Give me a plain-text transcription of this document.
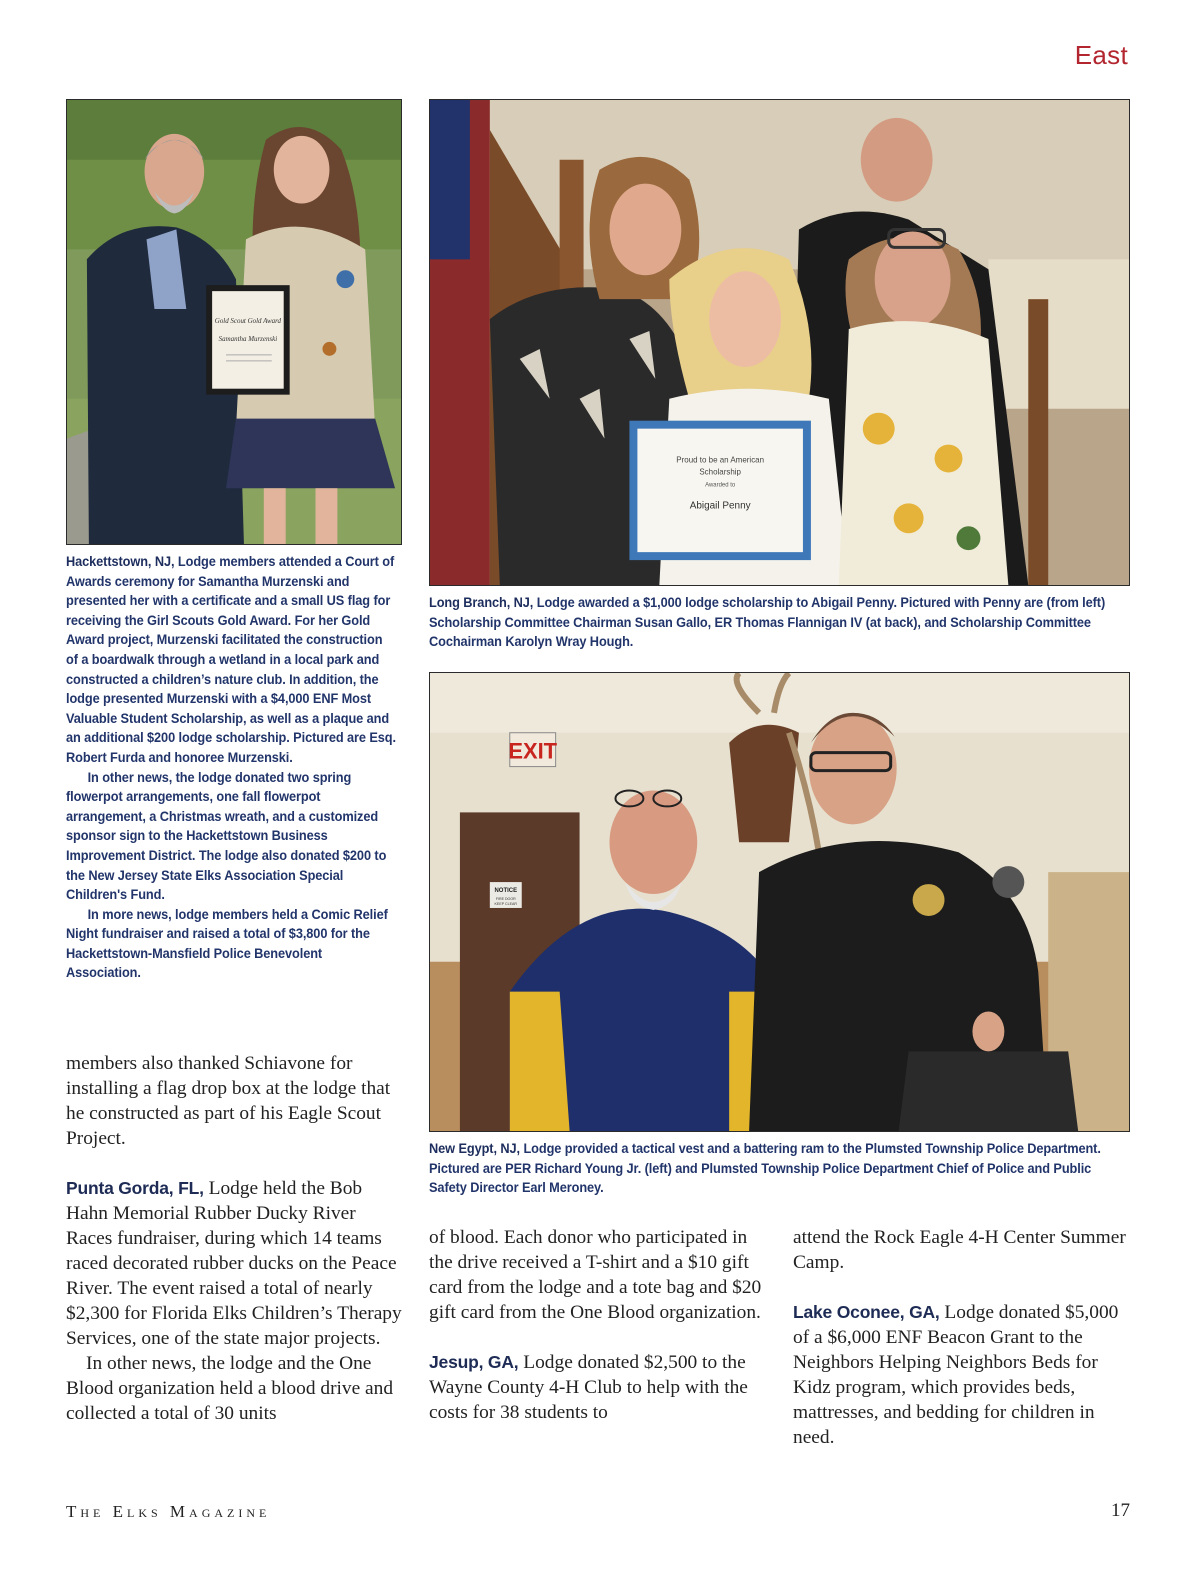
East
Gold Scout Gold Award
Samantha Murzenski

Hackettstown, NJ, Lodge members attended a Court of Awards ceremony for Samantha Murzenski and presented her with a certificate and a small US flag for receiving the Girl Scouts Gold Award. For her Gold Award project, Murzenski facilitated the construction of a boardwalk through a wetland in a local park and constructed a children’s nature club. In addition, the lodge presented Murzenski with a $4,000 ENF Most Valuable Student Scholarship, as well as a plaque and an additional $200 lodge scholarship. Pictured are Esq. Robert Furda and honoree Murzenski.

In other news, the lodge donated two spring flowerpot arrangements, one fall flowerpot arrangement, a Christmas wreath, and a customized sponsor sign to the Hackettstown Business Improvement District. The lodge also donated $200 to the New Jersey State Elks Association Special Children's Fund.

In more news, lodge members held a Comic Relief Night fundraiser and raised a total of $3,800 for the Hackettstown-Mansfield Police Benevolent Association.

Proud to be an American
Scholarship
Awarded to
Abigail Penny

Long Branch, NJ, Lodge awarded a $1,000 lodge scholarship to Abigail Penny. Pictured with Penny are (from left) Scholarship Committee Chairman Susan Gallo, ER Thomas Flannigan IV (at back), and Scholarship Committee Cochairman Karolyn Wray Hough.

NOTICE
FIRE DOOR
KEEP CLEAR
EXIT

New Egypt, NJ, Lodge provided a tactical vest and a battering ram to the Plumsted Township Police Department. Pictured are PER Richard Young Jr. (left) and Plumsted Township Police Department Chief of Police and Public Safety Director Earl Meroney.

members also thanked Schiavone for installing a flag drop box at the lodge that he constructed as part of his Eagle Scout Project.

Punta Gorda, FL, Lodge held the Bob Hahn Memorial Rubber Ducky River Races fundraiser, during which 14 teams raced decorated rubber ducks on the Peace River. The event raised a total of nearly $2,300 for Florida Elks Children’s Therapy Services, one of the state major projects.

In other news, the lodge and the One Blood organization held a blood drive and collected a total of 30 units

of blood. Each donor who participated in the drive received a T-shirt and a $10 gift card from the lodge and a tote bag and $20 gift card from the One Blood organization.

Jesup, GA, Lodge donated $2,500 to the Wayne County 4-H Club to help with the costs for 38 students to

attend the Rock Eagle 4-H Center Summer Camp.

Lake Oconee, GA, Lodge donated $5,000 of a $6,000 ENF Beacon Grant to the Neighbors Helping Neighbors Beds for Kidz program, which provides beds, mattresses, and bedding for children in need.

The Elks Magazine	17
